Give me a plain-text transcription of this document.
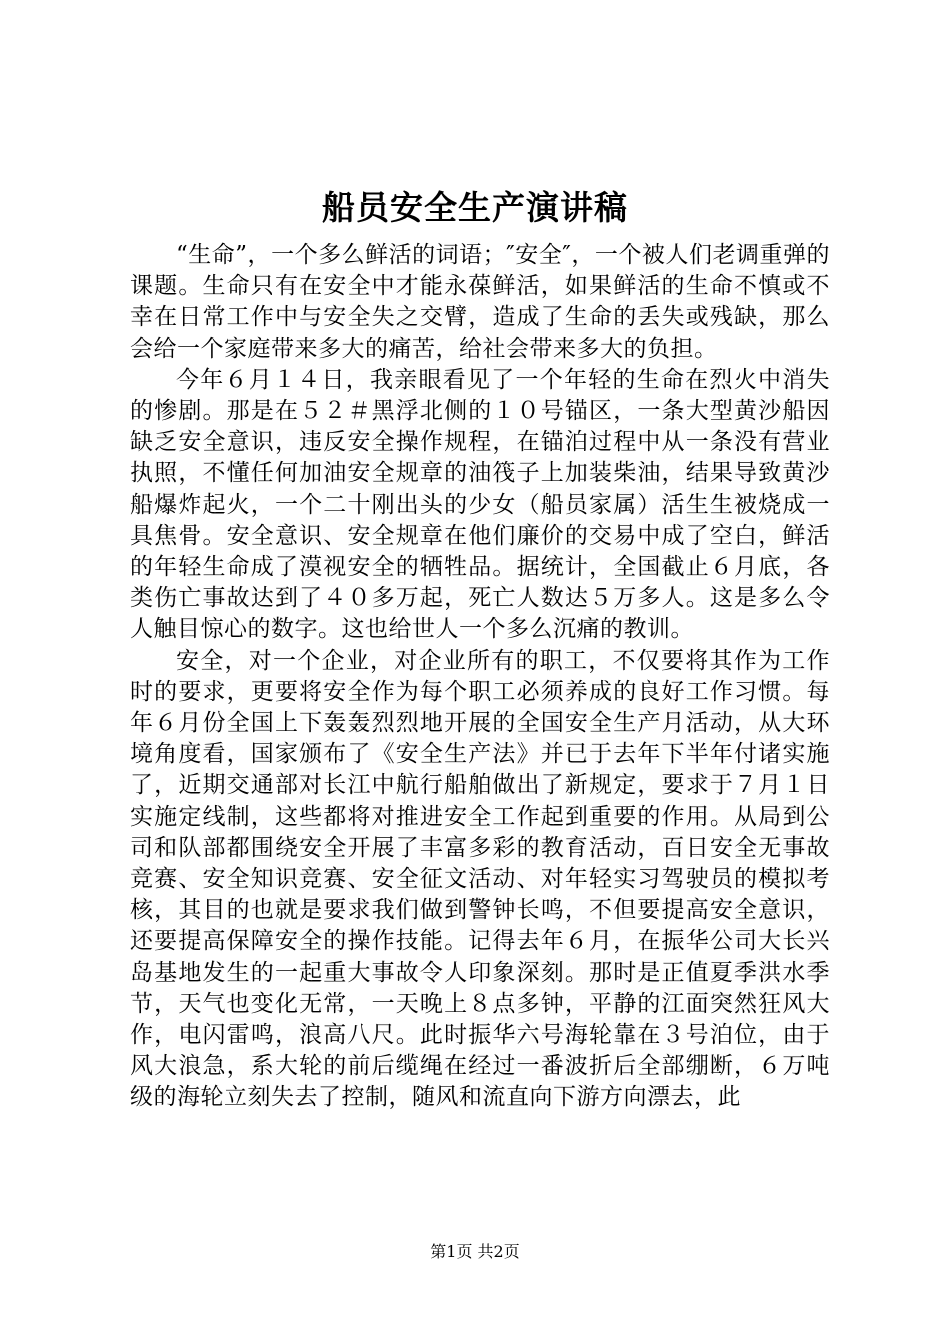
船员安全生产演讲稿

“生命”，一个多么鲜活的词语；″安全″，一个被人们老调重弹的课题。生命只有在安全中才能永葆鲜活，如果鲜活的生命不慎或不幸在日常工作中与安全失之交臂，造成了生命的丢失或残缺，那么会给一个家庭带来多大的痛苦，给社会带来多大的负担。

今年６月１４日，我亲眼看见了一个年轻的生命在烈火中消失的惨剧。那是在５２＃黑浮北侧的１０号锚区，一条大型黄沙船因缺乏安全意识，违反安全操作规程，在锚泊过程中从一条没有营业执照，不懂任何加油安全规章的油筏子上加装柴油，结果导致黄沙船爆炸起火，一个二十刚出头的少女（船员家属）活生生被烧成一具焦骨。安全意识、安全规章在他们廉价的交易中成了空白，鲜活的年轻生命成了漠视安全的牺牲品。据统计，全国截止６月底，各类伤亡事故达到了４０多万起，死亡人数达５万多人。这是多么令人触目惊心的数字。这也给世人一个多么沉痛的教训。

安全，对一个企业，对企业所有的职工，不仅要将其作为工作时的要求，更要将安全作为每个职工必须养成的良好工作习惯。每年６月份全国上下轰轰烈烈地开展的全国安全生产月活动，从大环境角度看，国家颁布了《安全生产法》并已于去年下半年付诸实施了，近期交通部对长江中航行船舶做出了新规定，要求于７月１日实施定线制，这些都将对推进安全工作起到重要的作用。从局到公司和队部都围绕安全开展了丰富多彩的教育活动，百日安全无事故竞赛、安全知识竞赛、安全征文活动、对年轻实习驾驶员的模拟考核，其目的也就是要求我们做到警钟长鸣，不但要提高安全意识，还要提高保障安全的操作技能。记得去年６月，在振华公司大长兴岛基地发生的一起重大事故令人印象深刻。那时是正值夏季洪水季节，天气也变化无常，一天晚上８点多钟，平静的江面突然狂风大作，电闪雷鸣，浪高八尺。此时振华六号海轮靠在３号泊位，由于风大浪急，系大轮的前后缆绳在经过一番波折后全部绷断，６万吨级的海轮立刻失去了控制，随风和流直向下游方向漂去，此

第1页 共2页
